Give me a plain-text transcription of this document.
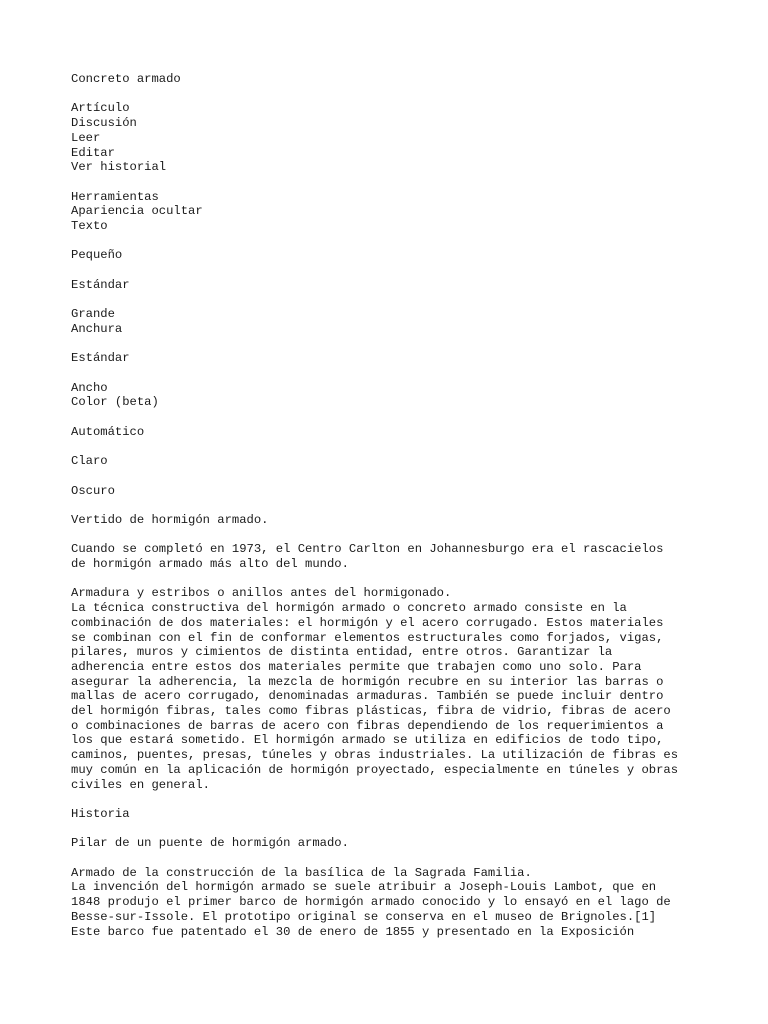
Concreto armado
Artículo
Discusión
Leer
Editar
Ver historial
Herramientas
Apariencia ocultar
Texto
Pequeño
Estándar
Grande
Anchura
Estándar
Ancho
Color (beta)
Automático
Claro
Oscuro
Vertido de hormigón armado.
Cuando se completó en 1973, el Centro Carlton en Johannesburgo era el rascacielos
de hormigón armado más alto del mundo.
Armadura y estribos o anillos antes del hormigonado.
La técnica constructiva del hormigón armado o concreto armado consiste en la
combinación de dos materiales: el hormigón y el acero corrugado. Estos materiales
se combinan con el fin de conformar elementos estructurales como forjados, vigas,
pilares, muros y cimientos de distinta entidad, entre otros. Garantizar la
adherencia entre estos dos materiales permite que trabajen como uno solo. Para
asegurar la adherencia, la mezcla de hormigón recubre en su interior las barras o
mallas de acero corrugado, denominadas armaduras. También se puede incluir dentro
del hormigón fibras, tales como fibras plásticas, fibra de vidrio, fibras de acero
o combinaciones de barras de acero con fibras dependiendo de los requerimientos a
los que estará sometido. El hormigón armado se utiliza en edificios de todo tipo,
caminos, puentes, presas, túneles y obras industriales. La utilización de fibras es
muy común en la aplicación de hormigón proyectado, especialmente en túneles y obras
civiles en general.
Historia
Pilar de un puente de hormigón armado.
Armado de la construcción de la basílica de la Sagrada Familia.
La invención del hormigón armado se suele atribuir a Joseph-Louis Lambot, que en
1848 produjo el primer barco de hormigón armado conocido y lo ensayó en el lago de
Besse-sur-Issole. El prototipo original se conserva en el museo de Brignoles.[1]
Este barco fue patentado el 30 de enero de 1855 y presentado en la Exposición
